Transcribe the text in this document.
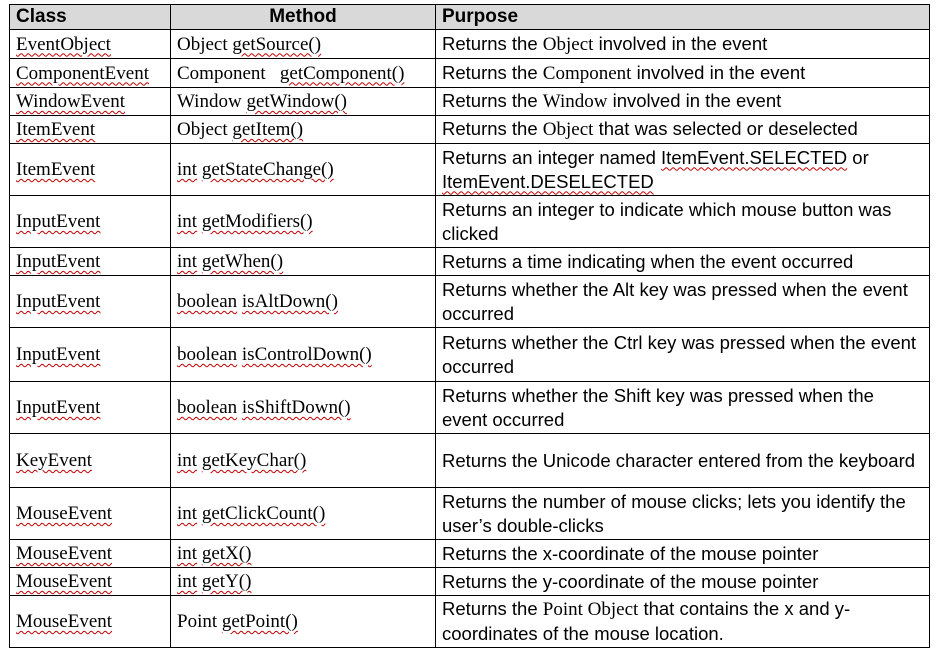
Class	Method	Purpose
EventObject	Object getSource()	Returns the Object involved in the event
ComponentEvent	Component getComponent()	Returns the Component involved in the event
WindowEvent	Window getWindow()	Returns the Window involved in the event
ItemEvent	Object getItem()	Returns the Object that was selected or deselected
ItemEvent	int getStateChange()	Returns an integer named ItemEvent.SELECTED or ItemEvent.DESELECTED
InputEvent	int getModifiers()	Returns an integer to indicate which mouse button was clicked
InputEvent	int getWhen()	Returns a time indicating when the event occurred
InputEvent	boolean isAltDown()	Returns whether the Alt key was pressed when the event occurred
InputEvent	boolean isControlDown()	Returns whether the Ctrl key was pressed when the event occurred
InputEvent	boolean isShiftDown()	Returns whether the Shift key was pressed when the event occurred
KeyEvent	int getKeyChar()	Returns the Unicode character entered from the keyboard
MouseEvent	int getClickCount()	Returns the number of mouse clicks; lets you identify the user’s double-clicks
MouseEvent	int getX()	Returns the x-coordinate of the mouse pointer
MouseEvent	int getY()	Returns the y-coordinate of the mouse pointer
MouseEvent	Point getPoint()	Returns the Point Object that contains the x and y-coordinates of the mouse location.
